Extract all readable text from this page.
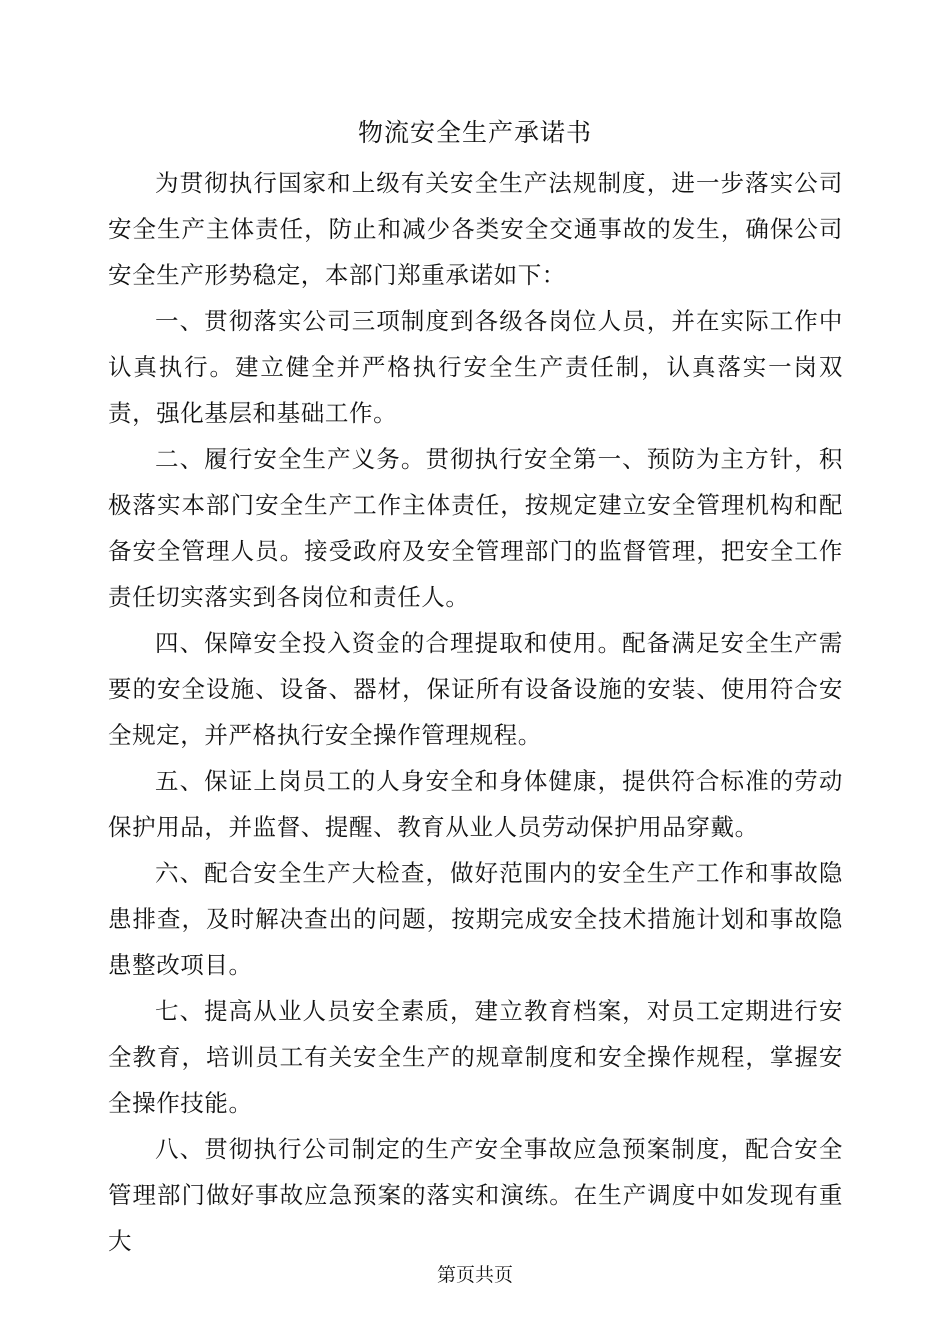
物流安全生产承诺书

为贯彻执行国家和上级有关安全生产法规制度，进一步落实公司安全生产主体责任，防止和减少各类安全交通事故的发生，确保公司安全生产形势稳定，本部门郑重承诺如下：

一、贯彻落实公司三项制度到各级各岗位人员，并在实际工作中认真执行。建立健全并严格执行安全生产责任制，认真落实一岗双责，强化基层和基础工作。

二、履行安全生产义务。贯彻执行安全第一、预防为主方针，积极落实本部门安全生产工作主体责任，按规定建立安全管理机构和配备安全管理人员。接受政府及安全管理部门的监督管理，把安全工作责任切实落实到各岗位和责任人。

四、保障安全投入资金的合理提取和使用。配备满足安全生产需要的安全设施、设备、器材，保证所有设备设施的安装、使用符合安全规定，并严格执行安全操作管理规程。

五、保证上岗员工的人身安全和身体健康，提供符合标准的劳动保护用品，并监督、提醒、教育从业人员劳动保护用品穿戴。

六、配合安全生产大检查，做好范围内的安全生产工作和事故隐患排查，及时解决查出的问题，按期完成安全技术措施计划和事故隐患整改项目。

七、提高从业人员安全素质，建立教育档案，对员工定期进行安全教育，培训员工有关安全生产的规章制度和安全操作规程，掌握安全操作技能。

八、贯彻执行公司制定的生产安全事故应急预案制度，配合安全管理部门做好事故应急预案的落实和演练。在生产调度中如发现有重大

第页共页
